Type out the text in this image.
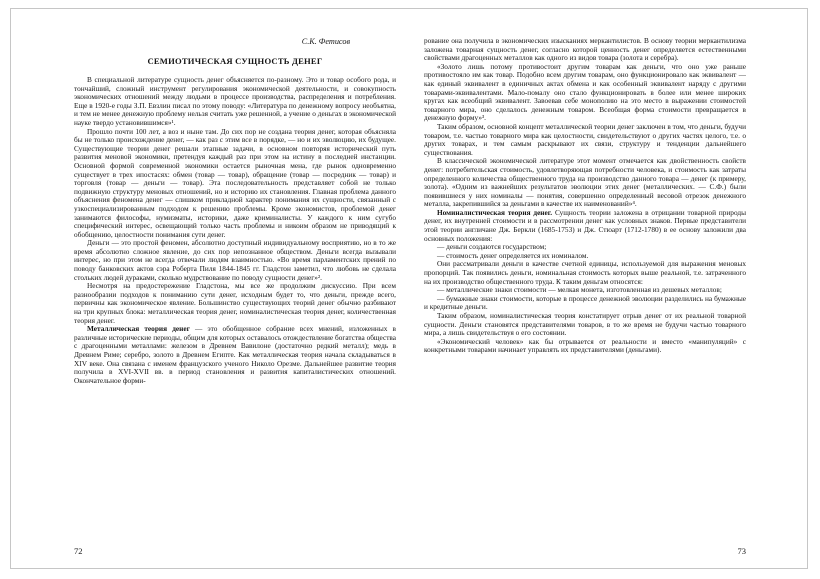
С.К. Фетисов
СЕМИОТИЧЕСКАЯ СУЩНОСТЬ ДЕНЕГ

В специальной литературе сущность денег объясняется по-разному. Это и товар особого рода, и тончайший, сложный инструмент регулирования экономической деятельности, и совокупность экономических отношений между людьми в процессе производства, распределения и потребления. Еще в 1920-е годы З.П. Евзлин писал по этому поводу: «Литература по денежному вопросу необъятна, и тем не менее денежную проблему нельзя считать уже решенной, а учение о деньгах в экономической науке твердо установившимся»¹.

Прошло почти 100 лет, а воз и ныне там. До сих пор не создана теория денег, которая объясняла бы не только происхождение денег, — как раз с этим все в порядке, — но и их эволюцию, их будущее. Существующие теории денег решали этапные задачи, в основном повторяя исторический путь развития меновой экономики, претендуя каждый раз при этом на истину в последней инстанции. Основной формой современной экономики остается рыночная мена, где рынок одновременно существует в трех ипостасях: обмен (товар — товар), обращение (товар — посредник — товар) и торговля (товар — деньги — товар). Эта последовательность представляет собой не только подвижную структуру меновых отношений, но и историю их становления. Главная проблема данного объяснения феномена денег — слишком прикладной характер понимания их сущности, связанный с узкоспециализированным подходом к решению проблемы. Кроме экономистов, проблемой денег занимаются философы, нумизматы, историки, даже криминалисты. У каждого к ним сугубо специфический интерес, освещающий только часть проблемы и никоим образом не приводящий к обобщению, целостности понимания сути денег.

Деньги — это простой феномен, абсолютно доступный индивидуальному восприятию, но в то же время абсолютно сложное явление, до сих пор непознанное обществом. Деньги всегда вызывали интерес, но при этом не всегда отвечали людям взаимностью. «Во время парламентских прений по поводу банковских актов сэра Роберта Пиля 1844-1845 гг. Гладстон заметил, что любовь не сделала стольких людей дураками, сколько мудрствование по поводу сущности денег»².

Несмотря на предостережение Гладстона, мы все же продолжим дискуссию. При всем разнообразии подходов к пониманию сути денег, исходным будет то, что деньги, прежде всего, первичны как экономическое явление. Большинство существующих теорий денег обычно разбивают на три крупных блока: металлическая теория денег, номиналистическая теория денег, количественная теория денег.

Металлическая теория денег — это обобщенное собрание всех мнений, изложенных в различные исторические периоды, общим для которых оставалось отождествление богатства общества с драгоценными металлами: железом в Древнем Вавилоне (достаточно редкий металл); медь в Древнем Риме; серебро, золото в Древнем Египте. Как металлическая теория начала складываться в XIV веке. Она связана с именем французского ученого Николо Орезме. Дальнейшее развитие теория получила в XVI-XVII вв. в период становления и развития капиталистических отношений. Окончательное форми-

72

рование она получила в экономических изысканиях меркантилистов. В основу теории меркантилизма заложена товарная сущность денег, согласно которой ценность денег определяется естественными свойствами драгоценных металлов как одного из видов товара (золота и серебра).

«Золото лишь потому противостоит другим товарам как деньги, что оно уже раньше противостояло им как товар. Подобно всем другим товарам, оно функционировало как эквивалент — как единый эквивалент в единичных актах обмена и как особенный эквивалент наряду с другими товарами-эквивалентами. Мало-помалу оно стало функционировать в более или менее широких кругах как всеобщий эквивалент. Завоевав себе монополию на это место в выражении стоимостей товарного мира, оно сделалось денежным товаром. Всеобщая форма стоимости превращается в денежную форму»³.

Таким образом, основной концепт металлической теории денег заключен в том, что деньги, будучи товаром, т.е. частью товарного мира как целостности, свидетельствуют о других частях целого, т.е. о других товарах, и тем самым раскрывают их связи, структуру и тенденции дальнейшего существования.

В классической экономической литературе этот момент отмечается как двойственность свойств денег: потребительская стоимость, удовлетворяющая потребности человека, и стоимость как затраты определенного количества общественного труда на производство данного товара — денег (к примеру, золота). «Одним из важнейших результатов эволюции этих денег (металлических. — С.Ф.) были появившиеся у них номиналы — понятия, совершенно определенный весовой отрезок денежного металла, закрепившийся за деньгами в качестве их наименований»⁴.

Номиналистическая теория денег. Сущность теории заложена в отрицании товарной природы денег, их внутренней стоимости и в рассмотрении денег как условных знаков. Первые представители этой теории англичане Дж. Беркли (1685-1753) и Дж. Стюарт (1712-1780) в ее основу заложили два основных положения:

— деньги создаются государством;

— стоимость денег определяется их номиналом.

Они рассматривали деньги в качестве счетной единицы, используемой для выражения меновых пропорций. Так появились деньги, номинальная стоимость которых выше реальной, т.е. затраченного на их производство общественного труда. К таким деньгам относятся:

— металлические знаки стоимости — мелкая монета, изготовленная из дешевых металлов;

— бумажные знаки стоимости, которые в процессе денежной эволюции разделились на бумажные и кредитные деньги.

Таким образом, номиналистическая теория констатирует отрыв денег от их реальной товарной сущности. Деньги становятся представителями товаров, в то же время не будучи частью товарного мира, а лишь свидетельствуя о его состоянии.

«Экономический человек» как бы отрывается от реальности и вместо «манипуляций» с конкретными товарами начинает управлять их представителями (деньгами).

73
